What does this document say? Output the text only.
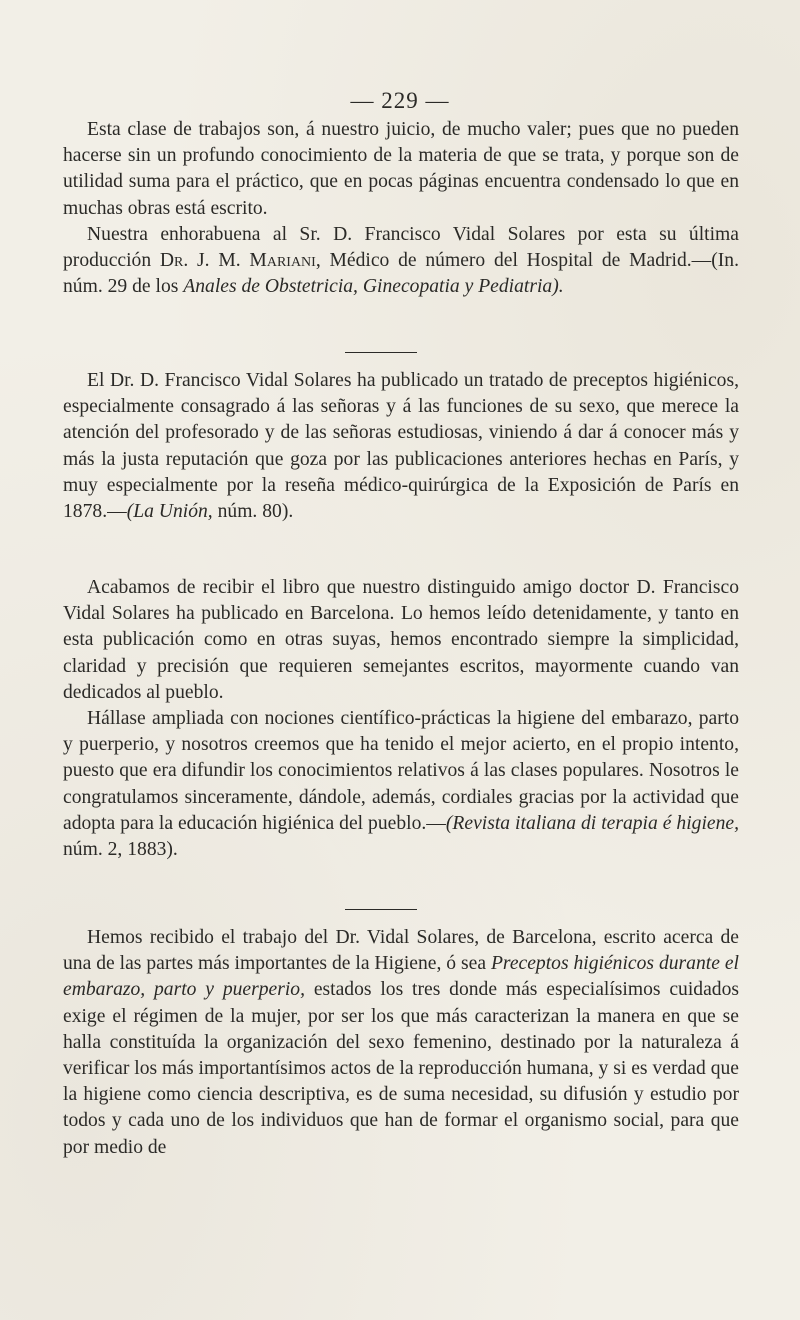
— 229 —

Esta clase de trabajos son, á nuestro juicio, de mucho valer; pues que no pueden hacerse sin un profundo conocimiento de la materia de que se trata, y porque son de utilidad suma para el práctico, que en pocas páginas encuentra condensado lo que en muchas obras está escrito.

Nuestra enhorabuena al Sr. D. Francisco Vidal Solares por esta su última producción Dr. J. M. Mariani, Médico de número del Hospital de Madrid.—(In. núm. 29 de los Anales de Obstetricia, Ginecopatia y Pediatria).

El Dr. D. Francisco Vidal Solares ha publicado un tratado de preceptos higiénicos, especialmente consagrado á las señoras y á las funciones de su sexo, que merece la atención del profesorado y de las señoras estudiosas, viniendo á dar á conocer más y más la justa reputación que goza por las publicaciones anteriores hechas en París, y muy especialmente por la reseña médico-quirúrgica de la Exposición de París en 1878.—(La Unión, núm. 80).

Acabamos de recibir el libro que nuestro distinguido amigo doctor D. Francisco Vidal Solares ha publicado en Barcelona. Lo hemos leído detenidamente, y tanto en esta publicación como en otras suyas, hemos encontrado siempre la simplicidad, claridad y precisión que requieren semejantes escritos, mayormente cuando van dedicados al pueblo.

Hállase ampliada con nociones científico-prácticas la higiene del embarazo, parto y puerperio, y nosotros creemos que ha tenido el mejor acierto, en el propio intento, puesto que era difundir los conocimientos relativos á las clases populares. Nosotros le congratulamos sinceramente, dándole, además, cordiales gracias por la actividad que adopta para la educación higiénica del pueblo.—(Revista italiana di terapia é higiene, núm. 2, 1883).

Hemos recibido el trabajo del Dr. Vidal Solares, de Barcelona, escrito acerca de una de las partes más importantes de la Higiene, ó sea Preceptos higiénicos durante el embarazo, parto y puerperio, estados los tres donde más especialísimos cuidados exige el régimen de la mujer, por ser los que más caracterizan la manera en que se halla constituída la organización del sexo femenino, destinado por la naturaleza á verificar los más importantísimos actos de la reproducción humana, y si es verdad que la higiene como ciencia descriptiva, es de suma necesidad, su difusión y estudio por todos y cada uno de los individuos que han de formar el organismo social, para que por medio de
